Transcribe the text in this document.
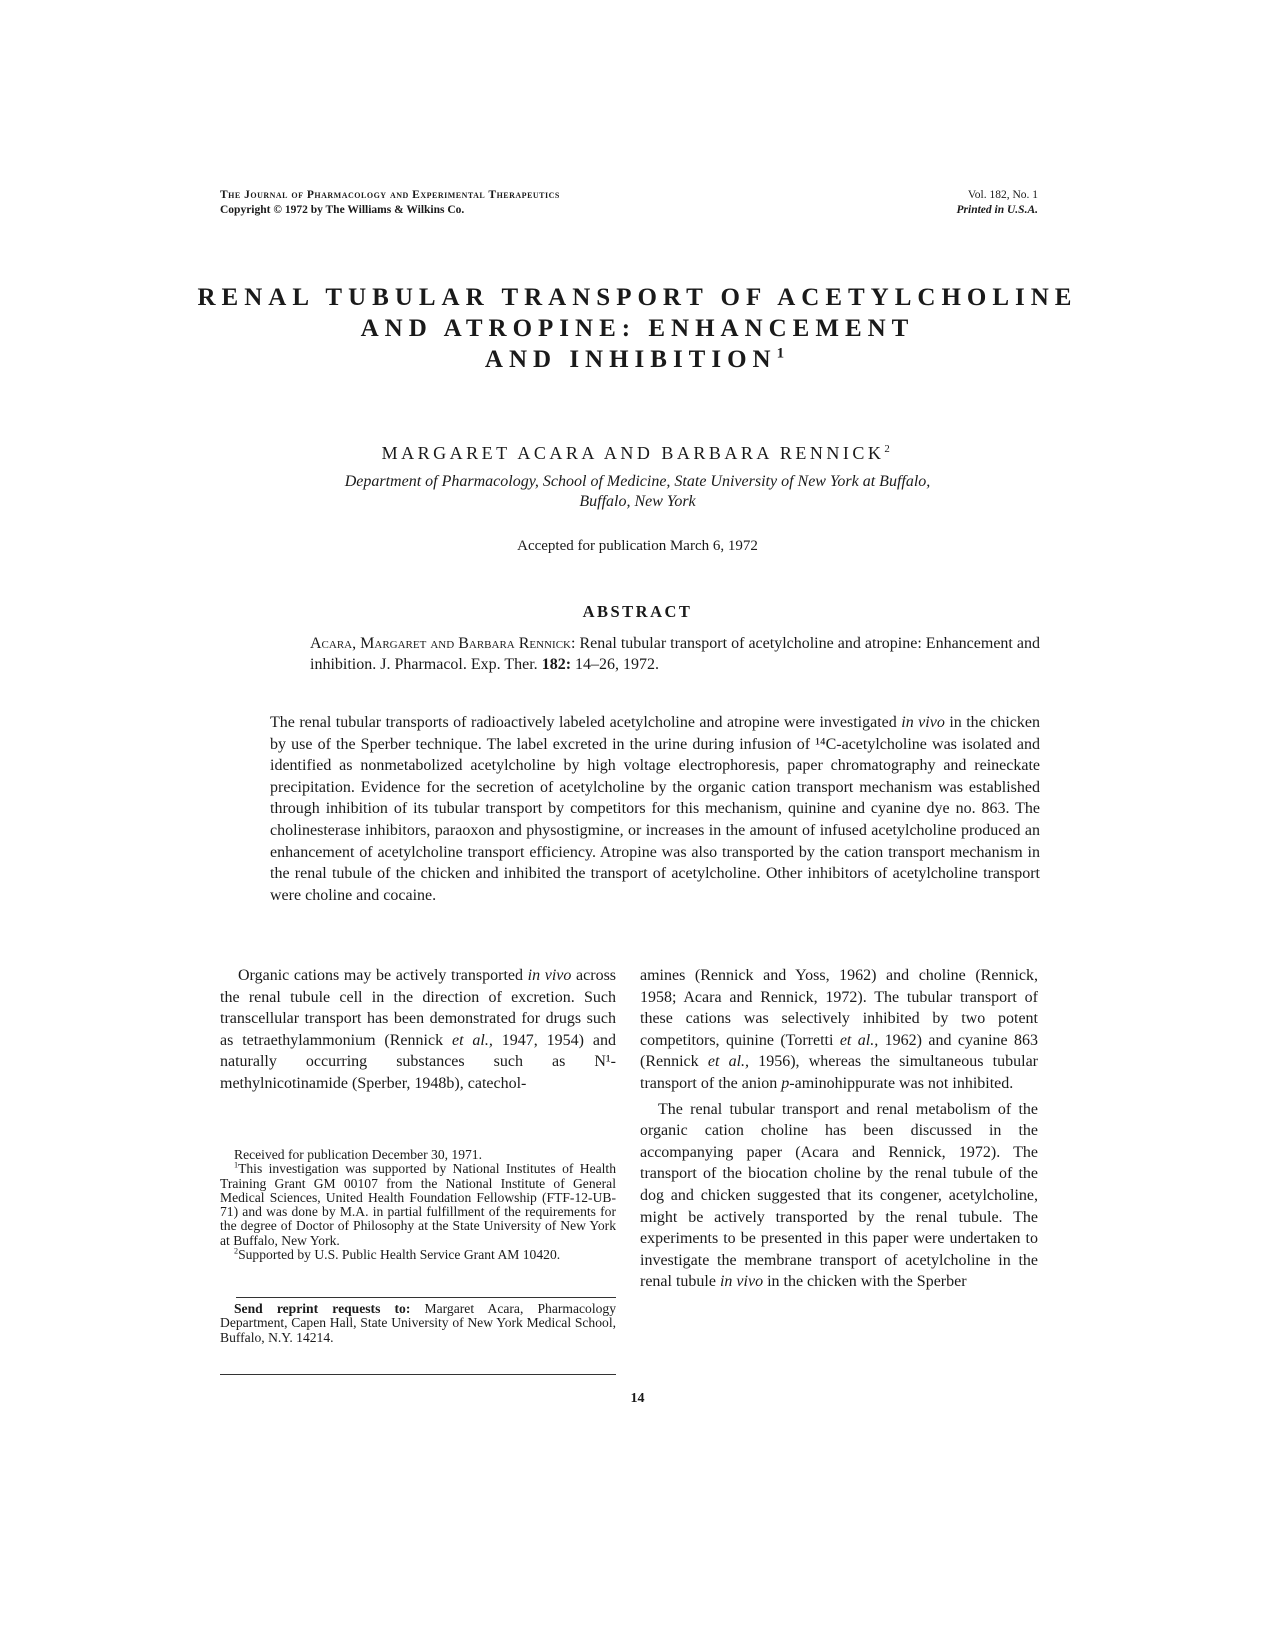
The Journal of Pharmacology and Experimental Therapeutics
Copyright © 1972 by The Williams & Wilkins Co.
Vol. 182, No. 1
Printed in U.S.A.
RENAL TUBULAR TRANSPORT OF ACETYLCHOLINE
AND ATROPINE: ENHANCEMENT
AND INHIBITION$^1$
MARGARET ACARA AND BARBARA RENNICK$^2$
Department of Pharmacology, School of Medicine, State University of New York at Buffalo,
Buffalo, New York
Accepted for publication March 6, 1972
ABSTRACT
Acara, Margaret and Barbara Rennick: Renal tubular transport of acetylcholine and atropine: Enhancement and inhibition. J. Pharmacol. Exp. Ther. 182: 14–26, 1972.
The renal tubular transports of radioactively labeled acetylcholine and atropine were investigated in vivo in the chicken by use of the Sperber technique. The label excreted in the urine during infusion of ¹⁴C-acetylcholine was isolated and identified as nonmetabolized acetylcholine by high voltage electrophoresis, paper chromatography and reineckate precipitation. Evidence for the secretion of acetylcholine by the organic cation transport mechanism was established through inhibition of its tubular transport by competitors for this mechanism, quinine and cyanine dye no. 863. The cholinesterase inhibitors, paraoxon and physostigmine, or increases in the amount of infused acetylcholine produced an enhancement of acetylcholine transport efficiency. Atropine was also transported by the cation transport mechanism in the renal tubule of the chicken and inhibited the transport of acetylcholine. Other inhibitors of acetylcholine transport were choline and cocaine.

Organic cations may be actively transported in vivo across the renal tubule cell in the direction of excretion. Such transcellular transport has been demonstrated for drugs such as tetraethylammonium (Rennick et al., 1947, 1954) and naturally occurring substances such as N¹-methylnicotinamide (Sperber, 1948b), catechol-

Received for publication December 30, 1971.

$^1$This investigation was supported by National Institutes of Health Training Grant GM 00107 from the National Institute of General Medical Sciences, United Health Foundation Fellowship (FTF-12-UB-71) and was done by M.A. in partial fulfillment of the requirements for the degree of Doctor of Philosophy at the State University of New York at Buffalo, New York.

$^2$Supported by U.S. Public Health Service Grant AM 10420.

Send reprint requests to: Margaret Acara, Pharmacology Department, Capen Hall, State University of New York Medical School, Buffalo, N.Y. 14214.

amines (Rennick and Yoss, 1962) and choline (Rennick, 1958; Acara and Rennick, 1972). The tubular transport of these cations was selectively inhibited by two potent competitors, quinine (Torretti et al., 1962) and cyanine 863 (Rennick et al., 1956), whereas the simultaneous tubular transport of the anion p-aminohippurate was not inhibited.

The renal tubular transport and renal metabolism of the organic cation choline has been discussed in the accompanying paper (Acara and Rennick, 1972). The transport of the biocation choline by the renal tubule of the dog and chicken suggested that its congener, acetylcholine, might be actively transported by the renal tubule. The experiments to be presented in this paper were undertaken to investigate the membrane transport of acetylcholine in the renal tubule in vivo in the chicken with the Sperber

14
